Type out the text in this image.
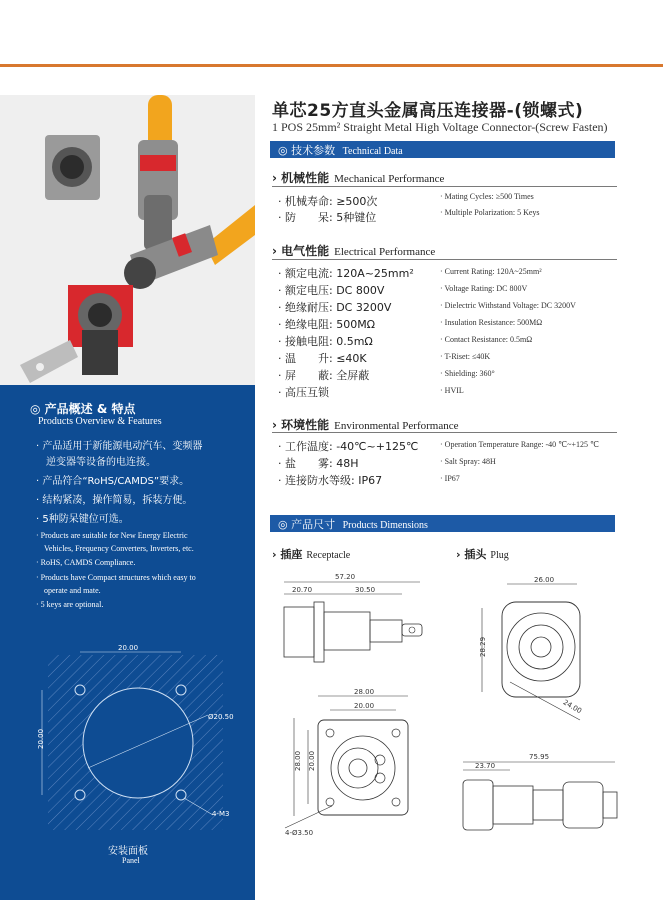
单芯25方直头金属高压连接器-(锁螺式)
1 POS 25mm² Straight Metal High Voltage Connector-(Screw Fasten)
◎ 技术参数 Technical Data
› 机械性能 Mechanical Performance
· 机械寿命: ≥500次
· 防　　呆: 5种键位
· Mating Cycles: ≥500 Times
· Multiple Polarization: 5 Keys
› 电气性能 Electrical Performance
· 额定电流: 120A~25mm²
· 额定电压: DC 800V
· 绝缘耐压: DC 3200V
· 绝缘电阻: 500MΩ
· 接触电阻: 0.5mΩ
· 温　　升: ≤40K
· 屏　　蔽: 全屏蔽
· 高压互锁
· Current Rating: 120A~25mm²
· Voltage Rating: DC 800V
· Dielectric Withstand Voltage: DC 3200V
· Insulation Resistance: 500MΩ
· Contact Resistance: 0.5mΩ
· T-Riset: ≤40K
· Shielding: 360°
· HVIL
› 环境性能 Environmental Performance
· 工作温度: -40℃~+125℃
· 盐　　雾: 48H
· 连接防水等级: IP67
· Operation Temperature Range: -40 ℃~+125 ℃
· Salt Spray: 48H
· IP67
◎ 产品尺寸 Products Dimensions
› 插座 Receptacle	› 插头 Plug
57.20
20.70	30.50
28.00
20.00
28.00 20.00
4-Ø3.50
26.00
28.29
24.00
75.95
23.70
◎ 产品概述 & 特点
Products Overview & Features
· 产品适用于新能源电动汽车、变频器
　逆变器等设备的电连接。
· 产品符合“RoHS/CAMDS”要求。
· 结构紧凑，操作简易，拆装方便。
· 5种防呆键位可选。
· Products are suitable for New Energy Electric
　Vehicles, Frequency Converters, Inverters, etc.
· RoHS, CAMDS Compliance.
· Products have Compact structures which easy to
　operate and mate.
· 5 keys are optional.
20.00
20.00
Ø20.50
4-M3
安装面板
Panel
